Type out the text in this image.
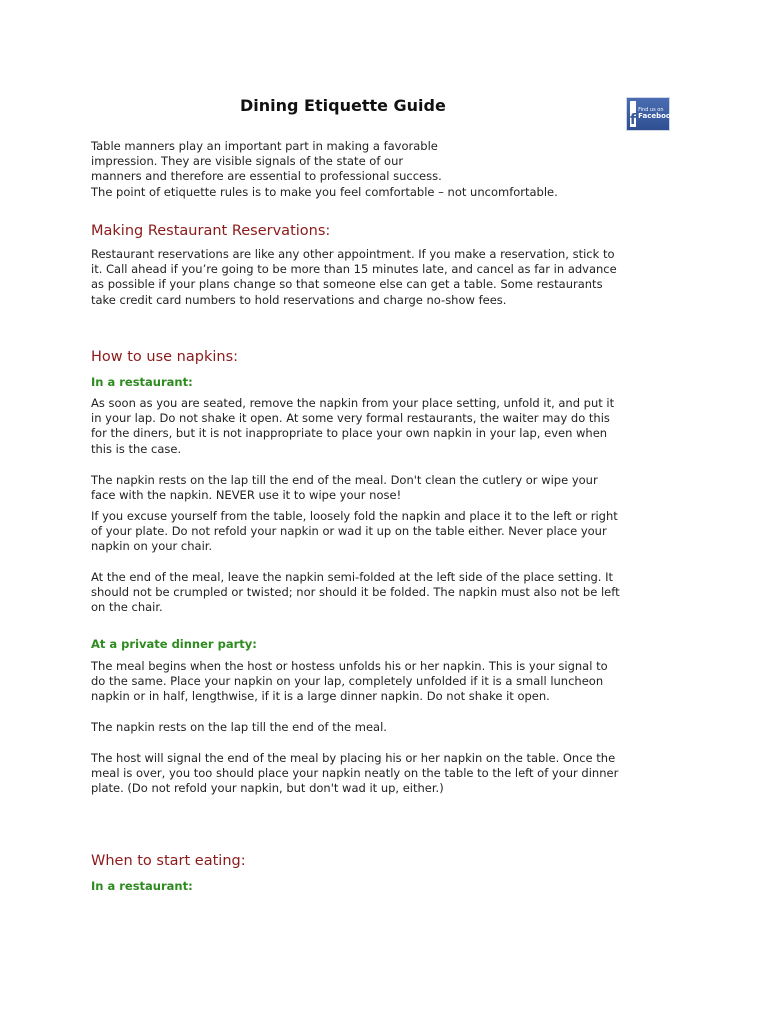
Dining Etiquette Guide
f
Find us on
Facebook

Table manners play an important part in making a favorable
impression. They are visible signals of the state of our
manners and therefore are essential to professional success.
The point of etiquette rules is to make you feel comfortable – not uncomfortable.

Making Restaurant Reservations:

Restaurant reservations are like any other appointment. If you make a reservation, stick to
it. Call ahead if you’re going to be more than 15 minutes late, and cancel as far in advance
as possible if your plans change so that someone else can get a table. Some restaurants
take credit card numbers to hold reservations and charge no-show fees.

How to use napkins:
In a restaurant:

As soon as you are seated, remove the napkin from your place setting, unfold it, and put it
in your lap. Do not shake it open. At some very formal restaurants, the waiter may do this
for the diners, but it is not inappropriate to place your own napkin in your lap, even when
this is the case.

The napkin rests on the lap till the end of the meal. Don't clean the cutlery or wipe your
face with the napkin. NEVER use it to wipe your nose!

If you excuse yourself from the table, loosely fold the napkin and place it to the left or right
of your plate. Do not refold your napkin or wad it up on the table either. Never place your
napkin on your chair.

At the end of the meal, leave the napkin semi-folded at the left side of the place setting. It
should not be crumpled or twisted; nor should it be folded. The napkin must also not be left
on the chair.

At a private dinner party:

The meal begins when the host or hostess unfolds his or her napkin. This is your signal to
do the same. Place your napkin on your lap, completely unfolded if it is a small luncheon
napkin or in half, lengthwise, if it is a large dinner napkin. Do not shake it open.

The napkin rests on the lap till the end of the meal.

The host will signal the end of the meal by placing his or her napkin on the table. Once the
meal is over, you too should place your napkin neatly on the table to the left of your dinner
plate. (Do not refold your napkin, but don't wad it up, either.)

When to start eating:
In a restaurant:
